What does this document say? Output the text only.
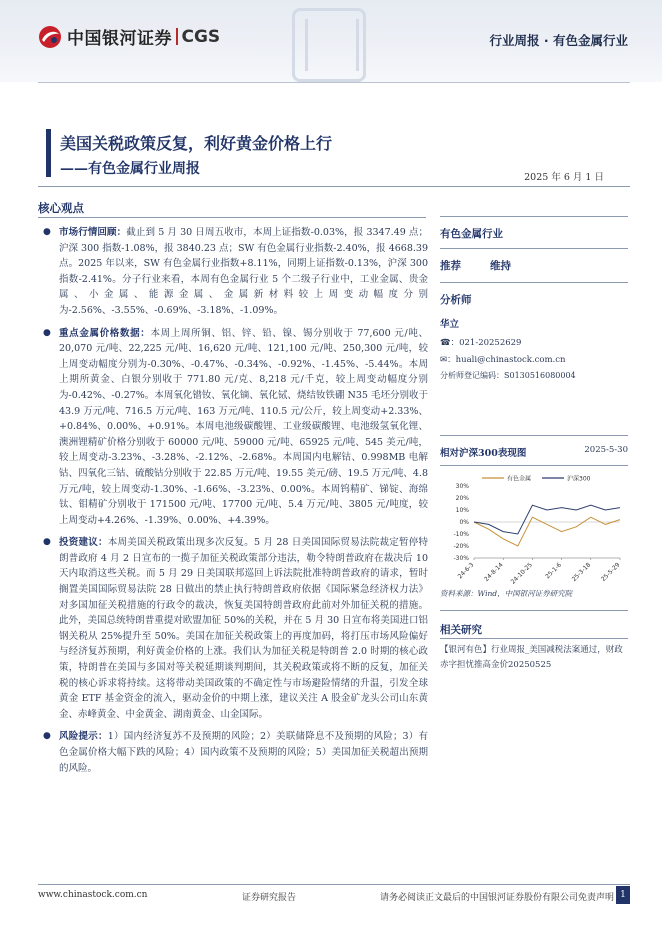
中国银河证券 CGS	行业周报 · 有色金属行业
美国关税政策反复，利好黄金价格上行
——有色金属行业周报
2025 年 6 月 1 日
核心观点
● 市场行情回顾：截止到 5 月 30 日周五收市，本周上证指数-0.03%，报 3347.49 点；沪深 300 指数-1.08%，报 3840.23 点；SW 有色金属行业指数-2.40%，报 4668.39 点。2025 年以来，SW 有色金属行业指数+8.11%，同期上证指数-0.13%，沪深 300 指数-2.41%。分子行业来看，本周有色金属行业 5 个二级子行业中，工业金属、贵金属、小金属、能源金属、金属新材料较上周变动幅度分别为-2.56%、-3.55%、-0.69%、-3.18%、-1.09%。
● 重点金属价格数据：本周上周所铜、铝、锌、铅、镍、锡分别收于 77,600 元/吨、20,070 元/吨、22,225 元/吨、16,620 元/吨、121,100 元/吨、250,300 元/吨，较上周变动幅度分别为-0.30%、-0.47%、-0.34%、-0.92%、-1.45%、-5.44%。本周上期所黄金、白银分别收于 771.80 元/克、8,218 元/千克，较上周变动幅度分别为-0.42%、-0.27%。本周氧化镨钕、氧化镝、氧化铽、烧结钕铁硼 N35 毛坯分别收于 43.9 万元/吨、716.5 万元/吨、163 万元/吨、110.5 元/公斤，较上周变动+2.33%、+0.84%、0.00%、+0.91%。本周电池级碳酸锂、工业级碳酸锂、电池级氢氧化锂、澳洲锂精矿价格分别收于 60000 元/吨、59000 元/吨、65925 元/吨、545 美元/吨，较上周变动-3.23%、-3.28%、-2.12%、-2.68%。本周国内电解钴、0.998MB 电解钴、四氧化三钴、硫酸钴分别收于 22.85 万元/吨、19.55 美元/磅、19.5 万元/吨、4.8 万元/吨，较上周变动-1.30%、-1.66%、-3.23%、0.00%。本周钨精矿、锑锭、海绵钛、钼精矿分别收于 171500 元/吨、17700 元/吨、5.4 万元/吨、3805 元/吨度，较上周变动+4.26%、-1.39%、0.00%、+4.39%。
● 投资建议：本周美国关税政策出现多次反复。5 月 28 日美国国际贸易法院裁定暂停特朗普政府 4 月 2 日宣布的一揽子加征关税政策部分违法，勒令特朗普政府在裁决后 10 天内取消这些关税。而 5 月 29 日美国联邦巡回上诉法院批准特朗普政府的请求，暂时搁置美国国际贸易法院 28 日做出的禁止执行特朗普政府依据《国际紧急经济权力法》对多国加征关税措施的行政令的裁决，恢复美国特朗普政府此前对外加征关税的措施。此外，美国总统特朗普重提对欧盟加征 50%的关税，并在 5 月 30 日宣布将美国进口铝钢关税从 25%提升至 50%。美国在加征关税政策上的再度加码，将打压市场风险偏好与经济复苏预期，利好黄金价格的上涨。我们认为加征关税是特朗普 2.0 时期的核心政策，特朗普在美国与多国对等关税延期谈判期间，其关税政策或将不断的反复，加征关税的核心诉求将持续。这将带动美国政策的不确定性与市场避险情绪的升温，引发全球黄金 ETF 基金资金的流入，驱动金价的中期上涨，建议关注 A 股金矿龙头公司山东黄金、赤峰黄金、中金黄金、湖南黄金、山金国际。
● 风险提示：1）国内经济复苏不及预期的风险；2）美联储降息不及预期的风险；3）有色金属价格大幅下跌的风险；4）国内政策不及预期的风险；5）美国加征关税超出预期的风险。
有色金属行业
推荐	维持
分析师
华立
☎：021-20252629
✉：huali@chinastock.com.cn
分析师登记编码：S0130516080004
相对沪深300表现图	2025-5-30
有色金属	沪深300
30%
20%
10%
0%
-10%
-20%
-30%
24-6-3 24-8-14 24-10-25 25-1-6 25-3-18 25-5-29
资料来源：Wind，中国银河证券研究院
相关研究
【银河有色】行业周报_美国减税法案通过，财政赤字担忧推高金价20250525
www.chinastock.com.cn	证券研究报告	请务必阅读正文最后的中国银河证券股份有限公司免责声明 1
